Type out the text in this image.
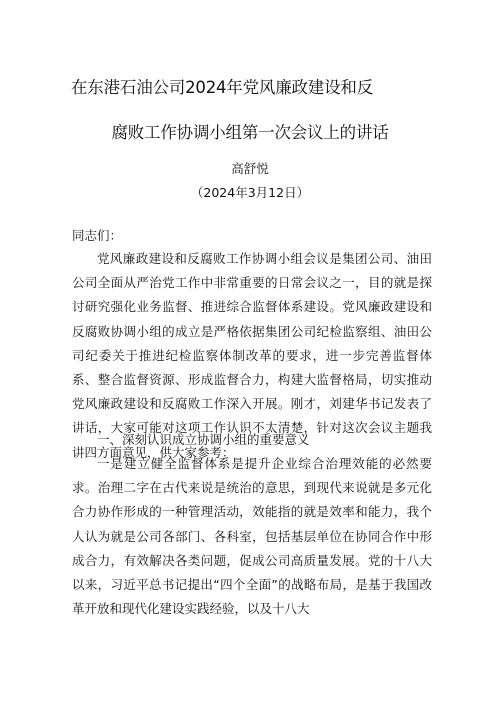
在东港石油公司2024年党风廉政建设和反
腐败工作协调小组第一次会议上的讲话
高舒悦
（2024年3月12日）
同志们：
党风廉政建设和反腐败工作协调小组会议是集团公司、油田公司全面从严治党工作中非常重要的日常会议之一，目的就是探讨研究强化业务监督、推进综合监督体系建设。党风廉政建设和反腐败协调小组的成立是严格依据集团公司纪检监察组、油田公司纪委关于推进纪检监察体制改革的要求，进一步完善监督体系、整合监督资源、形成监督合力，构建大监督格局，切实推动党风廉政建设和反腐败工作深入开展。刚才，刘建华书记发表了讲话，大家可能对这项工作认识不太清楚，针对这次会议主题我讲四方面意见，供大家参考：
一、深刻认识成立协调小组的重要意义
一是建立健全监督体系是提升企业综合治理效能的必然要求。治理二字在古代来说是统治的意思，到现代来说就是多元化合力协作形成的一种管理活动，效能指的就是效率和能力，我个人认为就是公司各部门、各科室，包括基层单位在协同合作中形成合力，有效解决各类问题，促成公司高质量发展。党的十八大以来，习近平总书记提出“四个全面”的战略布局，是基于我国改革开放和现代化建设实践经验，以及十八大
